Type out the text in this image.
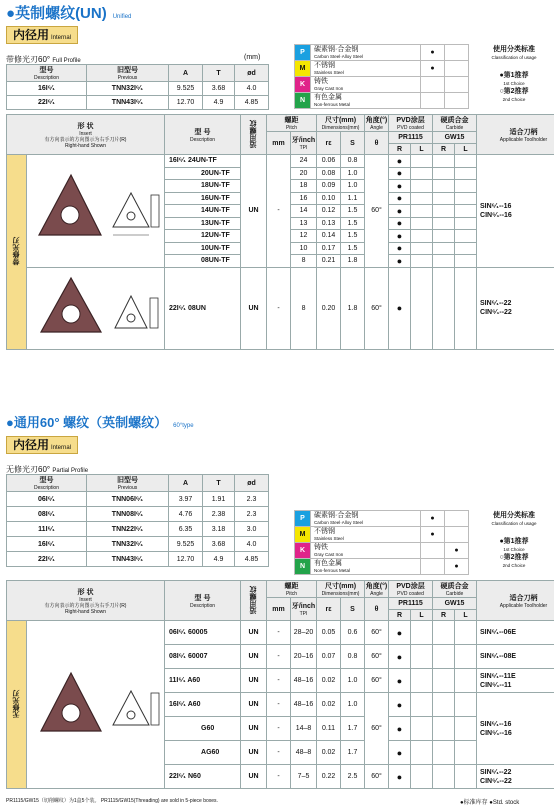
●英制螺纹(UN) Unified
内径用 Internal
带修光刃60° Full Profile	(mm)
型号
Description	旧型号
Previous	A	T	ød
16I⁶⁄₁	TNN32I⁶⁄₁	9.525	3.68	4.0
22I⁶⁄₁	TNN43I⁶⁄₁	12.70	4.9	4.85
P	碳素钢·合金钢
Carbon Steel·Alloy Steel	●	
M	不锈钢
Stainless Steel	●	
K	铸铁
Gray Cast Iron		

N	有色金属
Non-ferrous Metal		

使用分类标准
Classification of usage
●第1推荐
1st Choice
○第2推荐
2nd Choice
形 状
Insert
有方向表示的方向图示为右手刀片(R)
Right-hand Shown		型 号
Description	适用螺纹	螺距
Pitch		尺寸(mm)
Dimensions(mm)		角度(°)
Angle	PVD涂层
PVD coated		硬质合金
Carbide		适合刀柄
Applicable Toolholder

				mm	牙/inch
TPI	rε	S	θ	PR1115		GW15		
									R	L	R	L	
带修光刃		16I⁶⁄₁ 24UN-TF	UN	-	24	0.06	0.8	60°	●				SIN⁶⁄₁--16
CIN⁶⁄₁--16
		20UN-TF			20	0.08	1.0		●				
		18UN-TF			18	0.09	1.0		●				
		16UN-TF			16	0.10	1.1		●				
		14UN-TF			14	0.12	1.5		●				
		13UN-TF			13	0.13	1.5		●				
		12UN-TF			12	0.14	1.5		●				
		10UN-TF			10	0.17	1.5		●				
		08UN-TF			8	0.21	1.8		●				
	22I⁶⁄₁ 08UN	UN	-	8	0.20	1.8	60°	●				SIN⁶⁄₁--22
CIN⁶⁄₁--22
●通用60° 螺纹（英制螺纹） 60°type
内径用 Internal
无修光刃60° Partial Profile
型号
Description	旧型号
Previous	A	T	ød
06I⁶⁄₁	TNN06I⁶⁄₁	3.97	1.91	2.3
08I⁶⁄₁	TNN08I⁶⁄₁	4.76	2.38	2.3
11I⁶⁄₁	TNN22I⁶⁄₁	6.35	3.18	3.0
16I⁶⁄₁	TNN32I⁶⁄₁	9.525	3.68	4.0
22I⁶⁄₁	TNN43I⁶⁄₁	12.70	4.9	4.85
P	碳素钢·合金钢
Carbon Steel·Alloy Steel	●	
M	不锈钢
Stainless Steel	●	
K	铸铁
Gray Cast Iron		●
N	有色金属
Non-ferrous Metal		●
使用分类标准
Classification of usage
●第1推荐
1st Choice
○第2推荐
2nd Choice
形 状
Insert
有方向表示的方向图示为右手刀片(R)
Right-hand Shown		型 号
Description	适用螺纹	螺距
Pitch		尺寸(mm)
Dimensions(mm)		角度(°)
Angle	PVD涂层
PVD coated		硬质合金
Carbide		适合刀柄
Applicable Toolholder

				mm	牙/inch
TPI	rε	S	θ	PR1115		GW15		
									R	L	R	L	
无修光刃		06I⁶⁄₁ 60005	UN	-	28–20	0.05	0.6	60°	●				SIN⁶⁄₁--06E
		08I⁶⁄₁ 60007	UN	-	20–16	0.07	0.8	60°	●				SIN⁶⁄₁--08E
		11I⁶⁄₁ A60	UN	-	48–16	0.02	1.0	60°	●				SIN⁶⁄₁--11E
CIN⁶⁄₁--11
		16I⁶⁄₁ A60	UN	-	48–16	0.02	1.0	60°	●				SIN⁶⁄₁--16
CIN⁶⁄₁--16
		G60	UN	-	14–8	0.11	1.7		●				
		AG60	UN	-	48–8	0.02	1.7		●				
		22I⁶⁄₁ N60	UN	-	7–5	0.22	2.5	60°	●				SIN⁶⁄₁--22
CIN⁶⁄₁--22
PR1115/GW15（切削螺纹）为1盒5个装。 PR1115/GW15(Threading) are sold in 5-piece boxes.	●标准库存 ●Std. stock
